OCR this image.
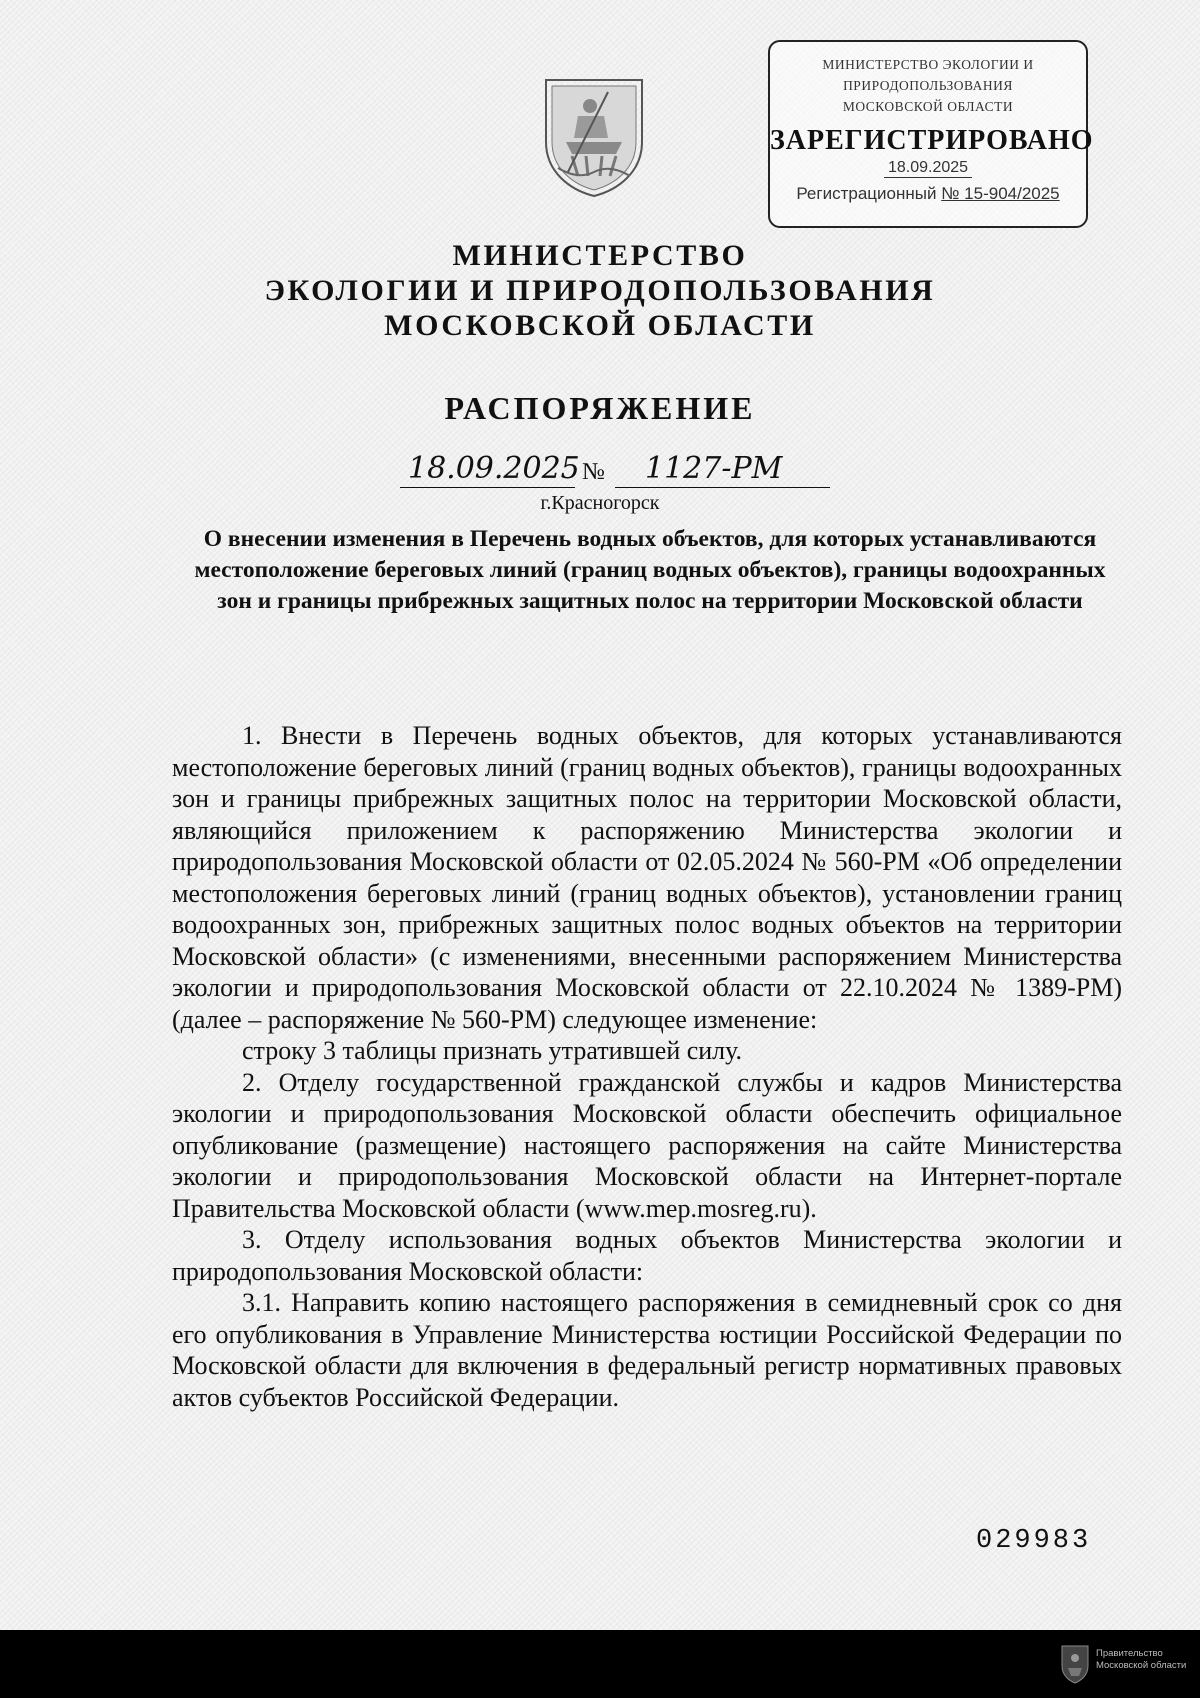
МИНИСТЕРСТВО ЭКОЛОГИИ И
ПРИРОДОПОЛЬЗОВАНИЯ
МОСКОВСКОЙ ОБЛАСТИ
ЗАРЕГИСТРИРОВАНО
18.09.2025
Регистрационный № 15-904/2025
МИНИСТЕРСТВО
ЭКОЛОГИИ И ПРИРОДОПОЛЬЗОВАНИЯ
МОСКОВСКОЙ ОБЛАСТИ
РАСПОРЯЖЕНИЕ
18.09.2025 № 1127-РМ
г.Красногорск
О внесении изменения в Перечень водных объектов, для которых устанавливаются местоположение береговых линий (границ водных объектов), границы водоохранных зон и границы прибрежных защитных полос на территории Московской области

1. Внести в Перечень водных объектов, для которых устанавливаются местоположение береговых линий (границ водных объектов), границы водоохранных зон и границы прибрежных защитных полос на территории Московской области, являющийся приложением к распоряжению Министерства экологии и природопользования Московской области от 02.05.2024 № 560-РМ «Об определении местоположения береговых линий (границ водных объектов), установлении границ водоохранных зон, прибрежных защитных полос водных объектов на территории Московской области» (с изменениями, внесенными распоряжением Министерства экологии и природопользования Московской области от 22.10.2024 № 1389-РМ) (далее – распоряжение № 560-РМ) следующее изменение:

строку 3 таблицы признать утратившей силу.

2. Отделу государственной гражданской службы и кадров Министерства экологии и природопользования Московской области обеспечить официальное опубликование (размещение) настоящего распоряжения на сайте Министерства экологии и природопользования Московской области на Интернет-портале Правительства Московской области (www.mep.mosreg.ru).

3. Отделу использования водных объектов Министерства экологии и природопользования Московской области:

3.1. Направить копию настоящего распоряжения в семидневный срок со дня его опубликования в Управление Министерства юстиции Российской Федерации по Московской области для включения в федеральный регистр нормативных правовых актов субъектов Российской Федерации.

029983
Правительство
Московской области
